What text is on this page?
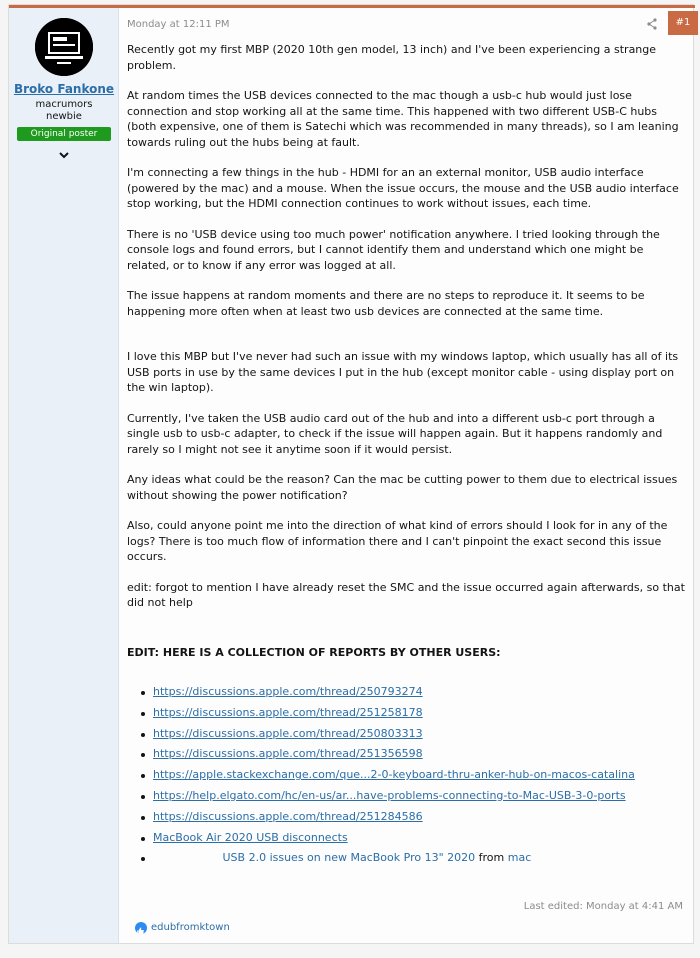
Broko Fankone
macrumors
newbie
Original poster
Monday at 12:11 PM	#1

Recently got my first MBP (2020 10th gen model, 13 inch) and I've been experiencing a strange problem.

At random times the USB devices connected to the mac though a usb-c hub would just lose connection and stop working all at the same time. This happened with two different USB-C hubs (both expensive, one of them is Satechi which was recommended in many threads), so I am leaning towards ruling out the hubs being at fault.

I'm connecting a few things in the hub - HDMI for an an external monitor, USB audio interface (powered by the mac) and a mouse. When the issue occurs, the mouse and the USB audio interface stop working, but the HDMI connection continues to work without issues, each time.

There is no 'USB device using too much power' notification anywhere. I tried looking through the console logs and found errors, but I cannot identify them and understand which one might be related, or to know if any error was logged at all.

The issue happens at random moments and there are no steps to reproduce it. It seems to be happening more often when at least two usb devices are connected at the same time.

I love this MBP but I've never had such an issue with my windows laptop, which usually has all of its USB ports in use by the same devices I put in the hub (except monitor cable - using display port on the win laptop).

Currently, I've taken the USB audio card out of the hub and into a different usb-c port through a single usb to usb-c adapter, to check if the issue will happen again. But it happens randomly and rarely so I might not see it anytime soon if it would persist.

Any ideas what could be the reason? Can the mac be cutting power to them due to electrical issues without showing the power notification?

Also, could anyone point me into the direction of what kind of errors should I look for in any of the logs? There is too much flow of information there and I can't pinpoint the exact second this issue occurs.

edit: forgot to mention I have already reset the SMC and the issue occurred again afterwards, so that did not help

EDIT: HERE IS A COLLECTION OF REPORTS BY OTHER USERS:

https://discussions.apple.com/thread/250793274
https://discussions.apple.com/thread/251258178
https://discussions.apple.com/thread/250803313
https://discussions.apple.com/thread/251356598
https://apple.stackexchange.com/que...2-0-keyboard-thru-anker-hub-on-macos-catalina
https://help.elgato.com/hc/en-us/ar...have-problems-connecting-to-Mac-USB-3-0-ports
https://discussions.apple.com/thread/251284586
MacBook Air 2020 USB disconnects
USB 2.0 issues on new MacBook Pro 13" 2020 from mac
Last edited: Monday at 4:41 AM
edubfromktown
